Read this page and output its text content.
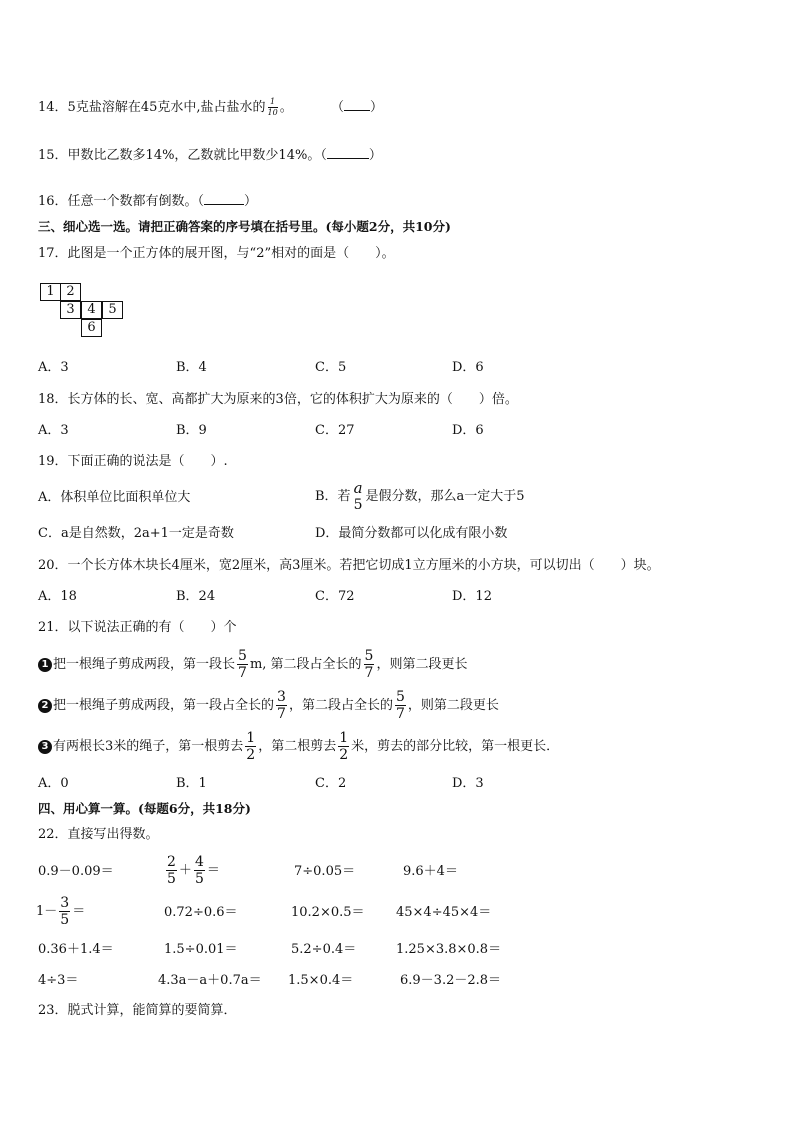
14．5克盐溶解在45克水中,盐占盐水的 $\frac{1}{10}$ 。	（ ）
15．甲数比乙数多14%，乙数就比甲数少14%。（	）
16．任意一个数都有倒数。（	）
三、细心选一选。请把正确答案的序号填在括号里。(每小题2分，共10分)
17．此图是一个正方体的展开图，与“2”相对的面是（　　）。
1 2
3 4 5
6
A．3	B．4	C．5	D．6
18．长方体的长、宽、高都扩大为原来的3倍，它的体积扩大为原来的（　　）倍。
A．3	B．9	C．27	D．6
19．下面正确的说法是（　　）.
A．体积单位比面积单位大	B．若 a
5
是假分数，那么a一定大于5
C．a是自然数，2a+1一定是奇数	D．最简分数都可以化成有限小数
20．一个长方体木块长4厘米，宽2厘米，高3厘米。若把它切成1立方厘米的小方块，可以切出（　　）块。
A．18	B．24	C．72	D．12
21．以下说法正确的有（　　）个
1 把一根绳子剪成两段，第一段长 $\frac{5}{7} m$, 第二段占全长的 $\frac{5}{7}$ ，则第二段更长
2 把一根绳子剪成两段，第一段占全长的 $\frac{3}{7}$ ，第二段占全长的 $\frac{5}{7}$ ，则第二段更长
3 有两根长3米的绳子，第一根剪去 $\frac{1}{2}$ ，第二根剪去 $\frac{1}{2}$ 米，剪去的部分比较，第一根更长．
A．0	B．1	C．2	D．3
四、用心算一算。(每题6分，共18分)
22．直接写出得数。
0.9－0.09＝	$\frac{2}{5} + \frac{4}{5}$ ＝	7÷0.05＝	9.6＋4＝
$1- \frac{3}{5}$ ＝	0.72÷0.6＝	10.2×0.5＝ 45×4÷45×4＝
0.36＋1.4＝	1.5÷0.01＝	5.2÷0.4＝	1.25×3.8×0.8＝
4÷3＝	4.3a－a＋0.7a＝ 1.5×0.4＝	6.9－3.2－2.8＝
23．脱式计算，能简算的要简算．
